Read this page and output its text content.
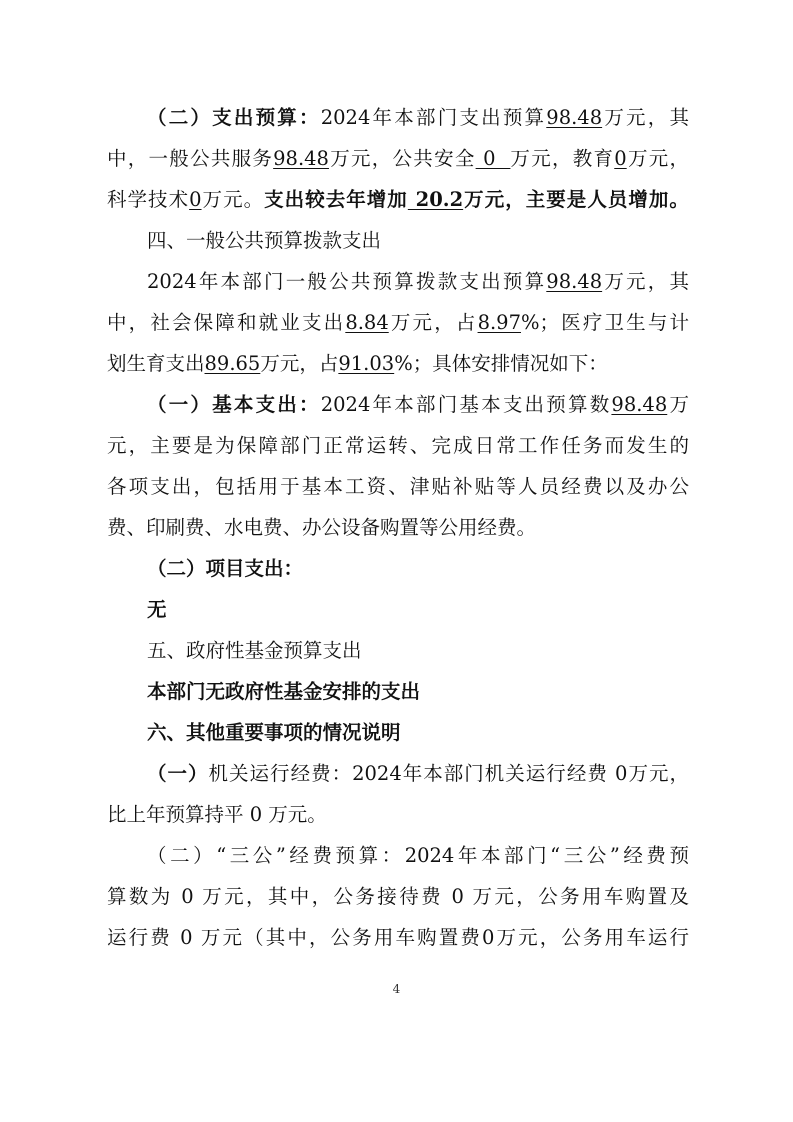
（二）支出预算：2024年本部门支出预算98.48万元，其
中，一般公共服务98.48万元，公共安全 0  万元，教育0万元，
科学技术0万元。支出较去年增加 20.2万元，主要是人员增加。
四、一般公共预算拨款支出
2024年本部门一般公共预算拨款支出预算98.48万元，其
中，社会保障和就业支出8.84万元，占8.97%；医疗卫生与计
划生育支出89.65万元，占91.03%；具体安排情况如下：
（一）基本支出：2024年本部门基本支出预算数98.48万
元，主要是为保障部门正常运转、完成日常工作任务而发生的
各项支出，包括用于基本工资、津贴补贴等人员经费以及办公
费、印刷费、水电费、办公设备购置等公用经费。
（二）项目支出：
无
五、政府性基金预算支出
本部门无政府性基金安排的支出
六、其他重要事项的情况说明
（一）机关运行经费：2024年本部门机关运行经费 0万元，
比上年预算持平 0 万元。
（二）“三公”经费预算：2024年本部门“三公”经费预
算数为 0 万元，其中，公务接待费 0 万元，公务用车购置及
运行费 0 万元（其中，公务用车购置费0万元，公务用车运行
4
